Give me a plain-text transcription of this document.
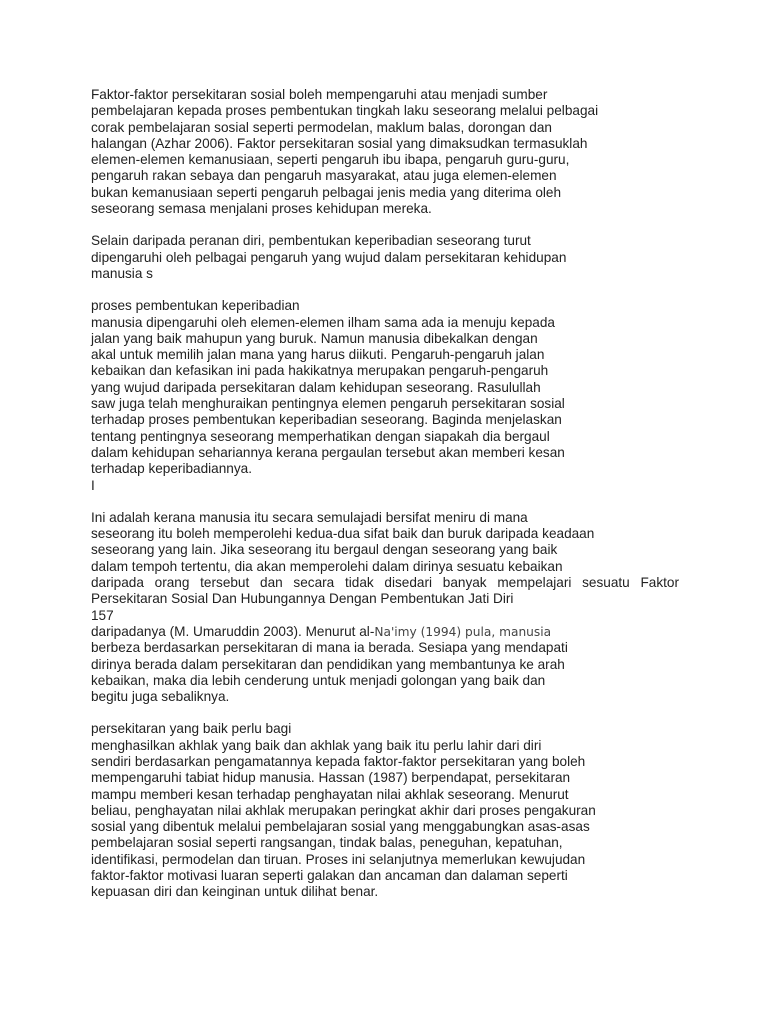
Faktor-faktor persekitaran sosial boleh mempengaruhi atau menjadi sumber
pembelajaran kepada proses pembentukan tingkah laku seseorang melalui pelbagai
corak pembelajaran sosial seperti permodelan, maklum balas, dorongan dan
halangan (Azhar 2006). Faktor persekitaran sosial yang dimaksudkan termasuklah
elemen-elemen kemanusiaan, seperti pengaruh ibu ibapa, pengaruh guru-guru,
pengaruh rakan sebaya dan pengaruh masyarakat, atau juga elemen-elemen
bukan kemanusiaan seperti pengaruh pelbagai jenis media yang diterima oleh
seseorang semasa menjalani proses kehidupan mereka.
Selain daripada peranan diri, pembentukan keperibadian seseorang turut
dipengaruhi oleh pelbagai pengaruh yang wujud dalam persekitaran kehidupan
manusia s
proses pembentukan keperibadian
manusia dipengaruhi oleh elemen-elemen ilham sama ada ia menuju kepada
jalan yang baik mahupun yang buruk. Namun manusia dibekalkan dengan
akal untuk memilih jalan mana yang harus diikuti. Pengaruh-pengaruh jalan
kebaikan dan kefasikan ini pada hakikatnya merupakan pengaruh-pengaruh
yang wujud daripada persekitaran dalam kehidupan seseorang. Rasulullah
saw juga telah menghuraikan pentingnya elemen pengaruh persekitaran sosial
terhadap proses pembentukan keperibadian seseorang. Baginda menjelaskan
tentang pentingnya seseorang memperhatikan dengan siapakah dia bergaul
dalam kehidupan sehariannya kerana pergaulan tersebut akan memberi kesan
terhadap keperibadiannya.
I
Ini adalah kerana manusia itu secara semulajadi bersifat meniru di mana
seseorang itu boleh memperolehi kedua-dua sifat baik dan buruk daripada keadaan
seseorang yang lain. Jika seseorang itu bergaul dengan seseorang yang baik
dalam tempoh tertentu, dia akan memperolehi dalam dirinya sesuatu kebaikan
daripada orang tersebut dan secara tidak disedari banyak mempelajari sesuatu Faktor
Persekitaran Sosial Dan Hubungannya Dengan Pembentukan Jati Diri
157
daripadanya (M. Umaruddin 2003). Menurut al-Na'imy (1994) pula, manusia
berbeza berdasarkan persekitaran di mana ia berada. Sesiapa yang mendapati
dirinya berada dalam persekitaran dan pendidikan yang membantunya ke arah
kebaikan, maka dia lebih cenderung untuk menjadi golongan yang baik dan
begitu juga sebaliknya.
persekitaran yang baik perlu bagi
menghasilkan akhlak yang baik dan akhlak yang baik itu perlu lahir dari diri
sendiri berdasarkan pengamatannya kepada faktor-faktor persekitaran yang boleh
mempengaruhi tabiat hidup manusia. Hassan (1987) berpendapat, persekitaran
mampu memberi kesan terhadap penghayatan nilai akhlak seseorang. Menurut
beliau, penghayatan nilai akhlak merupakan peringkat akhir dari proses pengakuran
sosial yang dibentuk melalui pembelajaran sosial yang menggabungkan asas-asas
pembelajaran sosial seperti rangsangan, tindak balas, peneguhan, kepatuhan,
identifikasi, permodelan dan tiruan. Proses ini selanjutnya memerlukan kewujudan
faktor-faktor motivasi luaran seperti galakan dan ancaman dan dalaman seperti
kepuasan diri dan keinginan untuk dilihat benar.
